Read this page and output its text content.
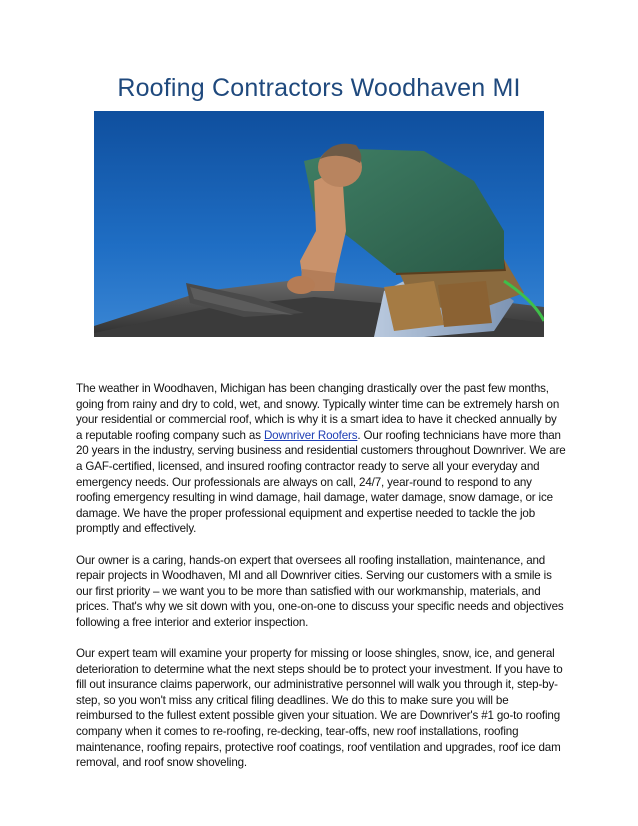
Roofing Contractors Woodhaven MI

The weather in Woodhaven, Michigan has been changing drastically over the past few months, going from rainy and dry to cold, wet, and snowy. Typically winter time can be extremely harsh on your residential or commercial roof, which is why it is a smart idea to have it checked annually by a reputable roofing company such as Downriver Roofers. Our roofing technicians have more than 20 years in the industry, serving business and residential customers throughout Downriver. We are a GAF-certified, licensed, and insured roofing contractor ready to serve all your everyday and emergency needs. Our professionals are always on call, 24/7, year-round to respond to any roofing emergency resulting in wind damage, hail damage, water damage, snow damage, or ice damage. We have the proper professional equipment and expertise needed to tackle the job promptly and effectively.

Our owner is a caring, hands-on expert that oversees all roofing installation, maintenance, and repair projects in Woodhaven, MI and all Downriver cities. Serving our customers with a smile is our first priority – we want you to be more than satisfied with our workmanship, materials, and prices. That's why we sit down with you, one-on-one to discuss your specific needs and objectives following a free interior and exterior inspection.

Our expert team will examine your property for missing or loose shingles, snow, ice, and general deterioration to determine what the next steps should be to protect your investment. If you have to fill out insurance claims paperwork, our administrative personnel will walk you through it, step-by-step, so you won't miss any critical filing deadlines. We do this to make sure you will be reimbursed to the fullest extent possible given your situation. We are Downriver's #1 go-to roofing company when it comes to re-roofing, re-decking, tear-offs, new roof installations, roofing maintenance, roofing repairs, protective roof coatings, roof ventilation and upgrades, roof ice dam removal, and roof snow shoveling.
